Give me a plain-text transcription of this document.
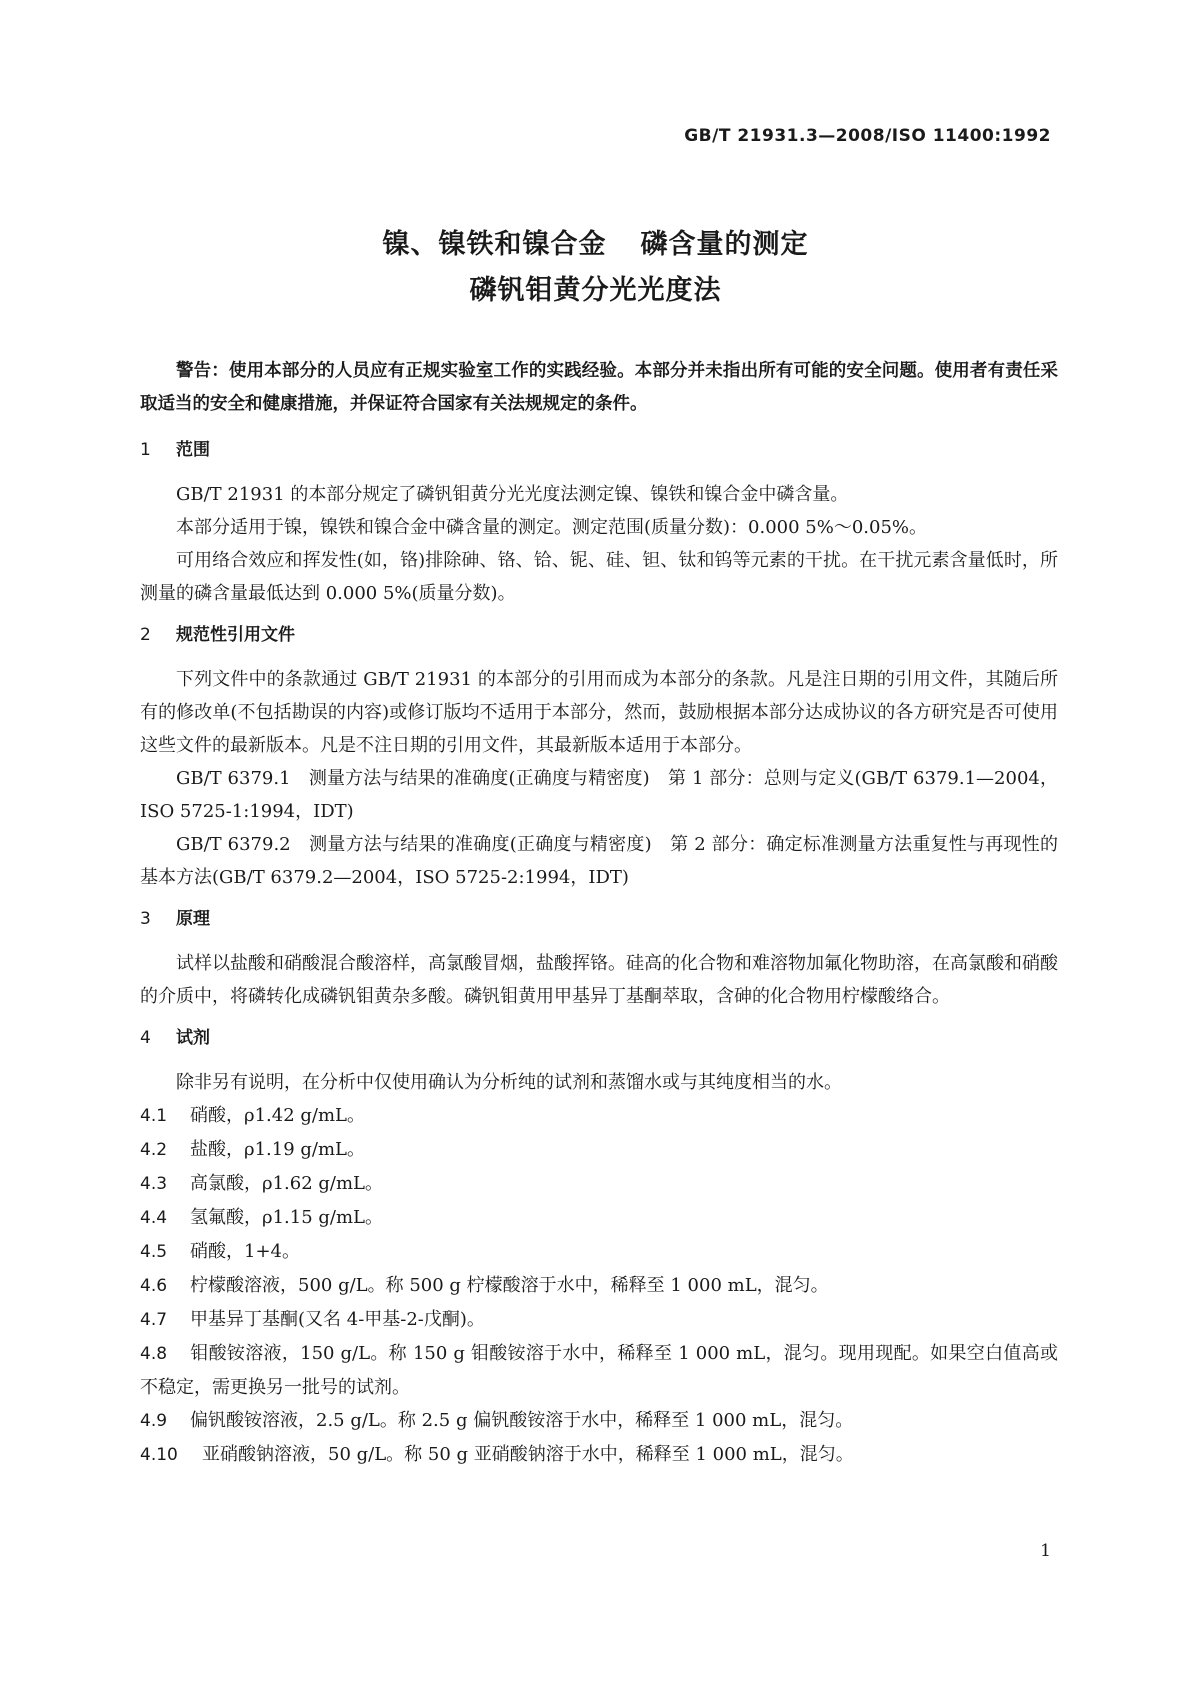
GB/T 21931.3—2008/ISO 11400:1992
镍、镍铁和镍合金 磷含量的测定
磷钒钼黄分光光度法
警告：使用本部分的人员应有正规实验室工作的实践经验。本部分并未指出所有可能的安全问题。使用者有责任采取适当的安全和健康措施，并保证符合国家有关法规规定的条件。
1 范围

GB/T 21931 的本部分规定了磷钒钼黄分光光度法测定镍、镍铁和镍合金中磷含量。

本部分适用于镍，镍铁和镍合金中磷含量的测定。测定范围(质量分数)：0.000 5%～0.05%。

可用络合效应和挥发性(如，铬)排除砷、铬、铪、铌、硅、钽、钛和钨等元素的干扰。在干扰元素含量低时，所测量的磷含量最低达到 0.000 5%(质量分数)。

2 规范性引用文件

下列文件中的条款通过 GB/T 21931 的本部分的引用而成为本部分的条款。凡是注日期的引用文件，其随后所有的修改单(不包括勘误的内容)或修订版均不适用于本部分，然而，鼓励根据本部分达成协议的各方研究是否可使用这些文件的最新版本。凡是不注日期的引用文件，其最新版本适用于本部分。

GB/T 6379.1　测量方法与结果的准确度(正确度与精密度)　第 1 部分：总则与定义(GB/T 6379.1—2004，ISO 5725-1:1994，IDT)

GB/T 6379.2　测量方法与结果的准确度(正确度与精密度)　第 2 部分：确定标准测量方法重复性与再现性的基本方法(GB/T 6379.2—2004，ISO 5725-2:1994，IDT)

3 原理

试样以盐酸和硝酸混合酸溶样，高氯酸冒烟，盐酸挥铬。硅高的化合物和难溶物加氟化物助溶，在高氯酸和硝酸的介质中，将磷转化成磷钒钼黄杂多酸。磷钒钼黄用甲基异丁基酮萃取，含砷的化合物用柠檬酸络合。

4 试剂

除非另有说明，在分析中仅使用确认为分析纯的试剂和蒸馏水或与其纯度相当的水。

4.1 硝酸，ρ1.42 g/mL。

4.2 盐酸，ρ1.19 g/mL。

4.3 高氯酸，ρ1.62 g/mL。

4.4 氢氟酸，ρ1.15 g/mL。

4.5 硝酸，1+4。

4.6 柠檬酸溶液，500 g/L。称 500 g 柠檬酸溶于水中，稀释至 1 000 mL，混匀。

4.7 甲基异丁基酮(又名 4-甲基-2-戊酮)。

4.8 钼酸铵溶液，150 g/L。称 150 g 钼酸铵溶于水中，稀释至 1 000 mL，混匀。现用现配。如果空白值高或不稳定，需更换另一批号的试剂。

4.9 偏钒酸铵溶液，2.5 g/L。称 2.5 g 偏钒酸铵溶于水中，稀释至 1 000 mL，混匀。

4.10 亚硝酸钠溶液，50 g/L。称 50 g 亚硝酸钠溶于水中，稀释至 1 000 mL，混匀。

1
